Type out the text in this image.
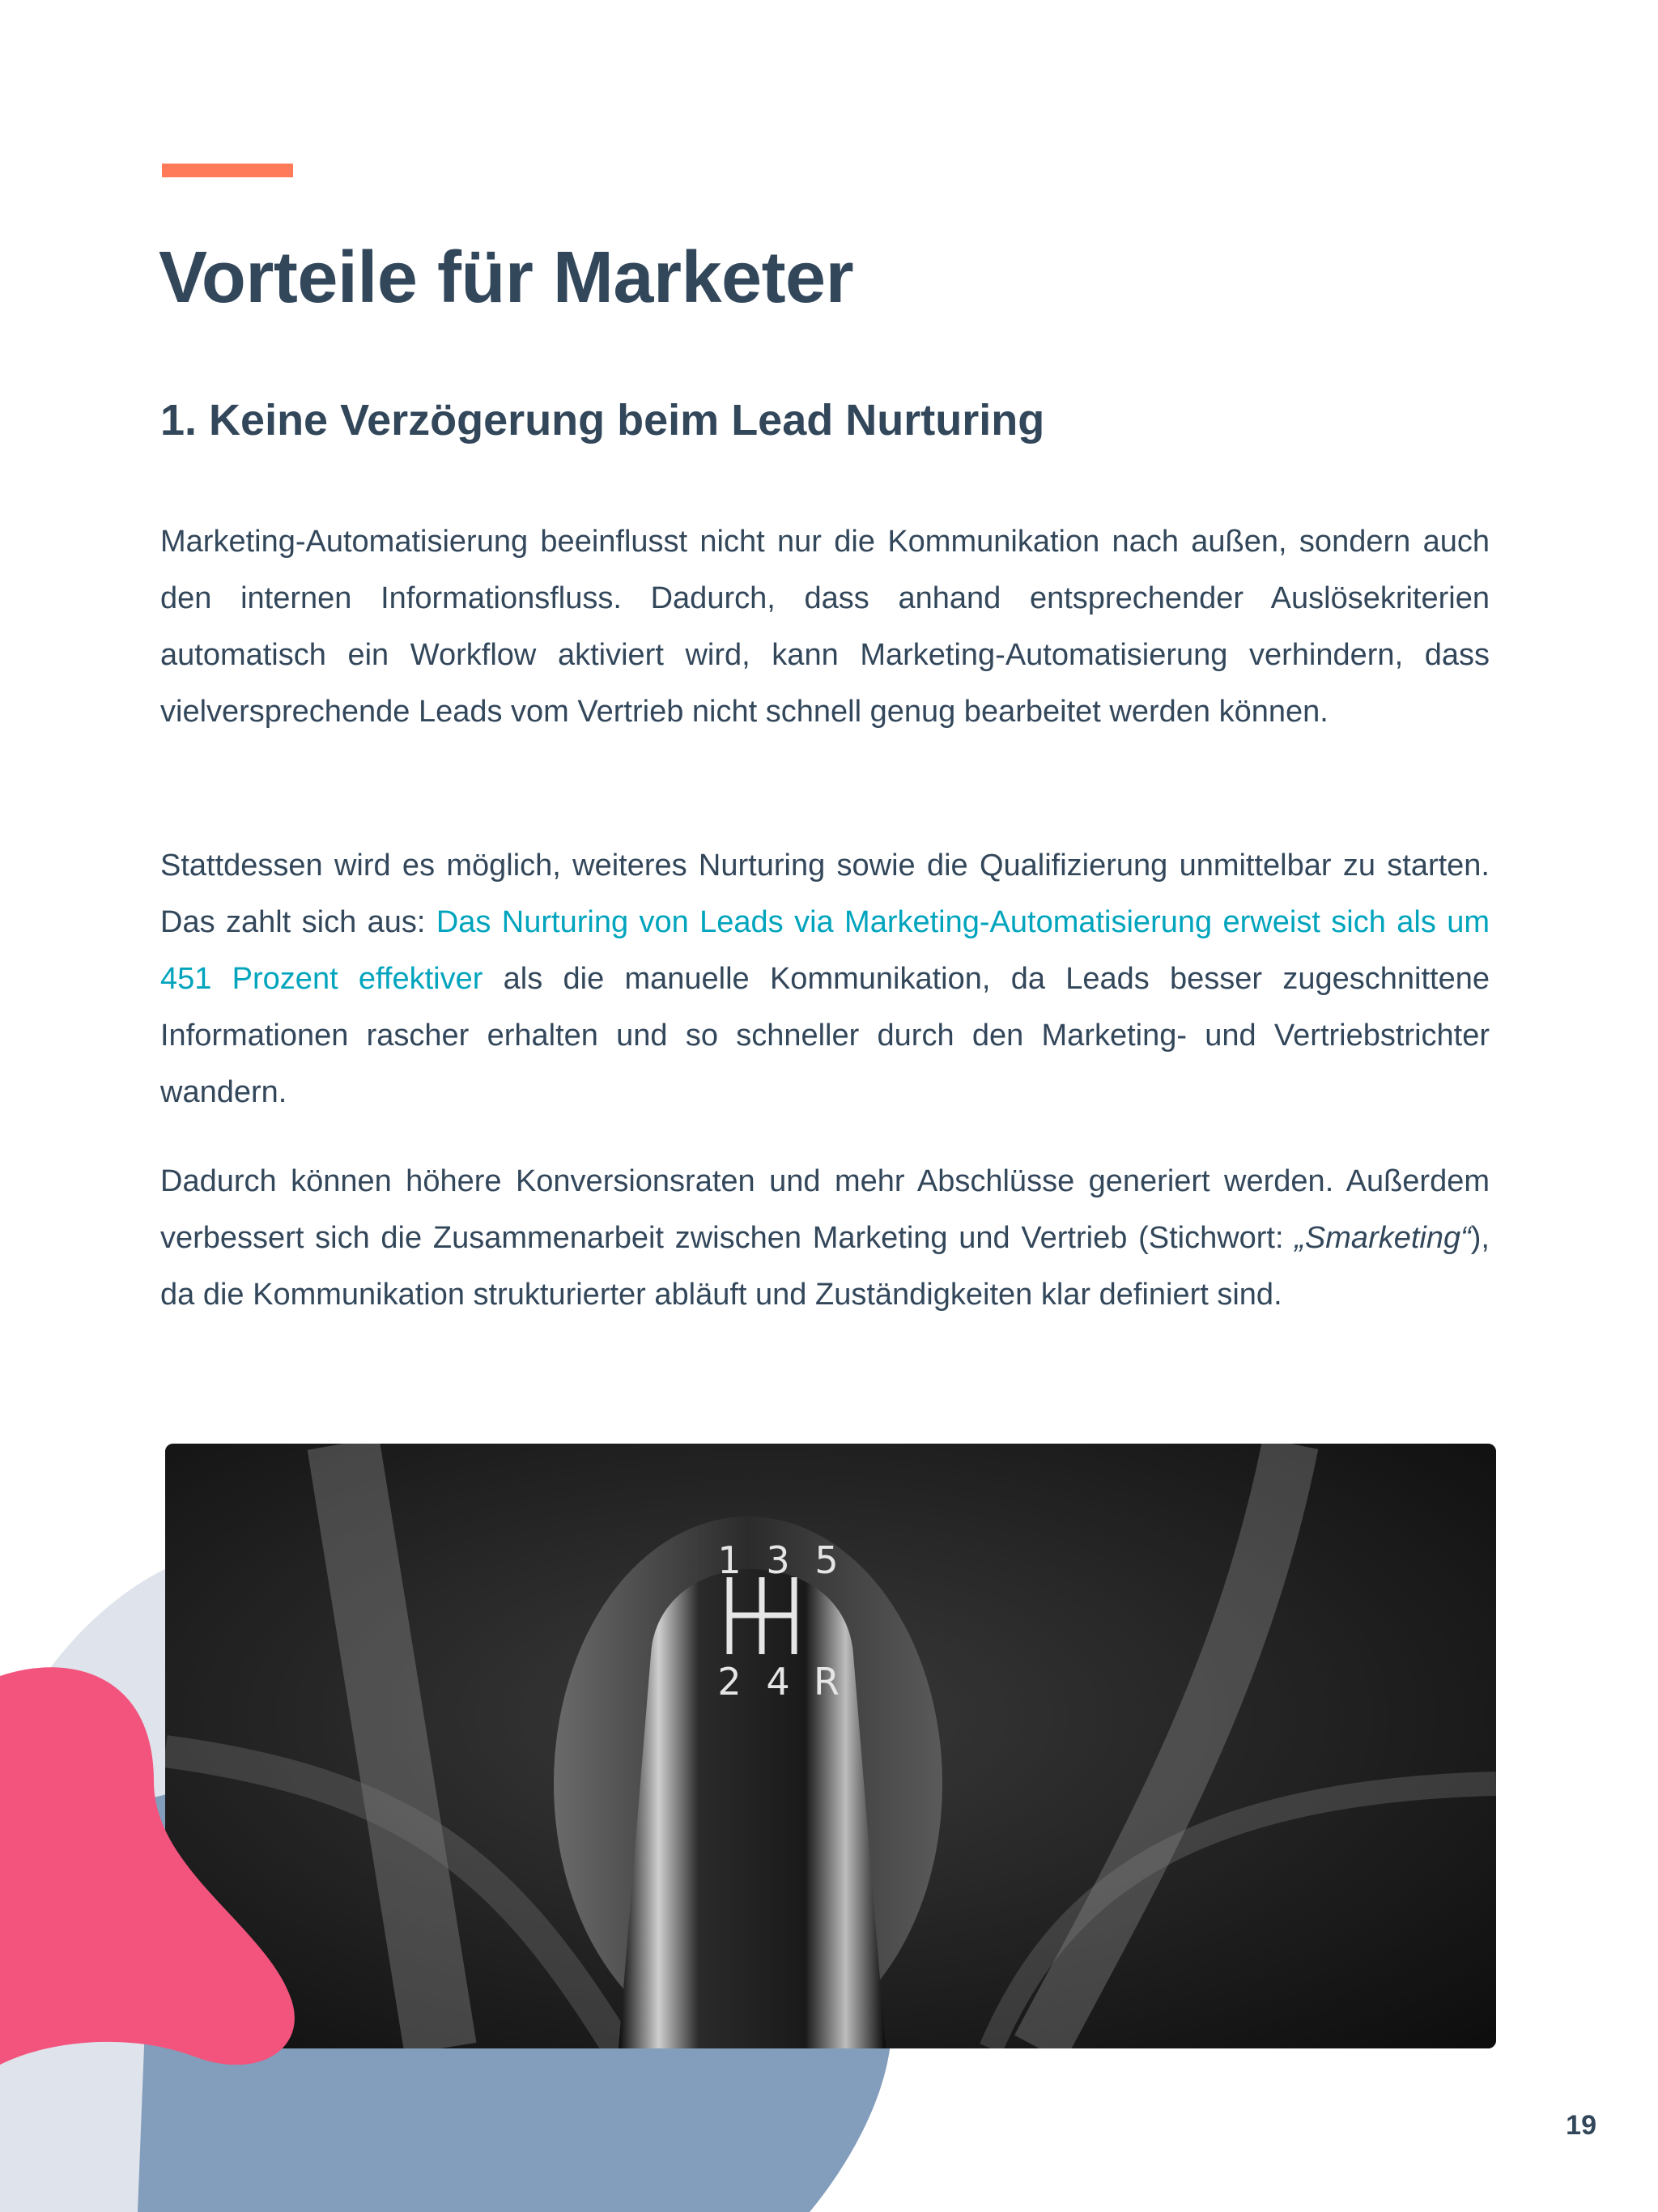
Vorteile für Marketer
1. Keine Verzögerung beim Lead Nurturing

Marketing-Automatisierung beeinflusst nicht nur die Kommunikation nach außen, sondern auch den internen Informationsfluss. Dadurch, dass anhand entsprechender Auslösekriterien automatisch ein Workflow aktiviert wird, kann Marketing-Automatisierung verhindern, dass vielversprechende Leads vom Vertrieb nicht schnell genug bearbeitet werden können.

Stattdessen wird es möglich, weiteres Nurturing sowie die Qualifizierung unmittelbar zu starten. Das zahlt sich aus: Das Nurturing von Leads via Marketing-Automatisierung erweist sich als um 451 Prozent effektiver als die manuelle Kommunikation, da Leads besser zugeschnittene Informationen rascher erhalten und so schneller durch den Marketing- und Vertriebstrichter wandern.

Dadurch können höhere Konversionsraten und mehr Abschlüsse generiert werden. Außerdem verbessert sich die Zusammenarbeit zwischen Marketing und Vertrieb (Stichwort: „Smarketing“), da die Kommunikation strukturierter abläuft und Zuständigkeiten klar definiert sind.

1 3 5
2 4 R
19
